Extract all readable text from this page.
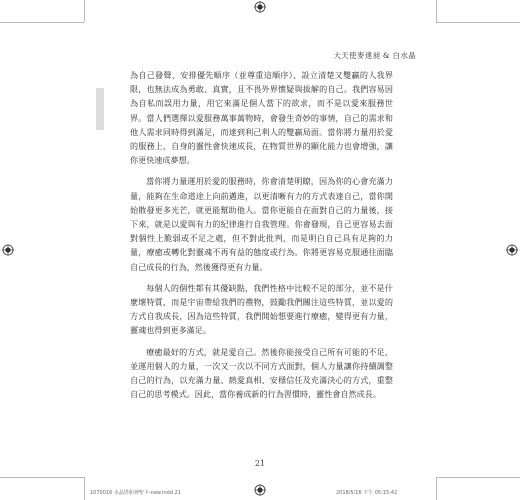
大天使麥達昶 & 白水晶

為自己發聲、安排優先順序（並尊重這順序）、設立清楚又雙贏的人我界限，也無法成為勇敢、真實，且不畏外界懷疑與拔解的自己。我們容易因為自私而誤用力量，用它來滿足個人當下的欲求，而不是以愛來服務世界。當人們選擇以愛服務萬事萬物時，會發生奇妙的事情，自己的需求和他人需求同時得到滿足，而達到利己利人的雙贏局面。當你將力量用於愛的服務上，自身的靈性會快速成長，在物質世界的顯化能力也會增強，讓你更快速成夢想。

當你將力量運用於愛的服務時，你會清楚明瞭，因為你的心會充滿力量，能夠在生命道途上向前邁進，以更清晰有力的方式表達自己，當你開始散發更多光芒，就更能幫助他人。當你更能自在面對自己的力量後，接下來，就是以愛與有力的紀律進行自我管理。你會發現，自己更容易去面對個性上脆弱或不足之處，但不對此批判，而是明白自己具有足夠的力量，療癒或轉化對靈魂不再有益的態度或行為。你將更容易克服通往面臨自己成長的行為，然後獲得更有力量。

每個人的個性都有其優缺點，我們性格中比較不足的部分，並不是什麼壞特質，而是宇宙帶給我們的禮物，鼓勵我們關注這些特質，並以愛的方式自我成長，因為這些特質，我們開始想要進行療癒，變得更有力量，靈魂也得到更多滿足。

療癒最好的方式，就是愛自己。然後你能接受自己所有可能的不足，並運用個人的力量，一次又一次以不同方式面對，個人力量讓你持續調整自己的行為，以充滿力量、熱愛真相、安穩信任及充滿決心的方式，重整自己的思考模式。因此，當你養成新的行為習慣時，靈性會自然成長。

21
1070016 水晶塔和神聖卡-new.indd 21	2018/5/16 下午 05:15:42
